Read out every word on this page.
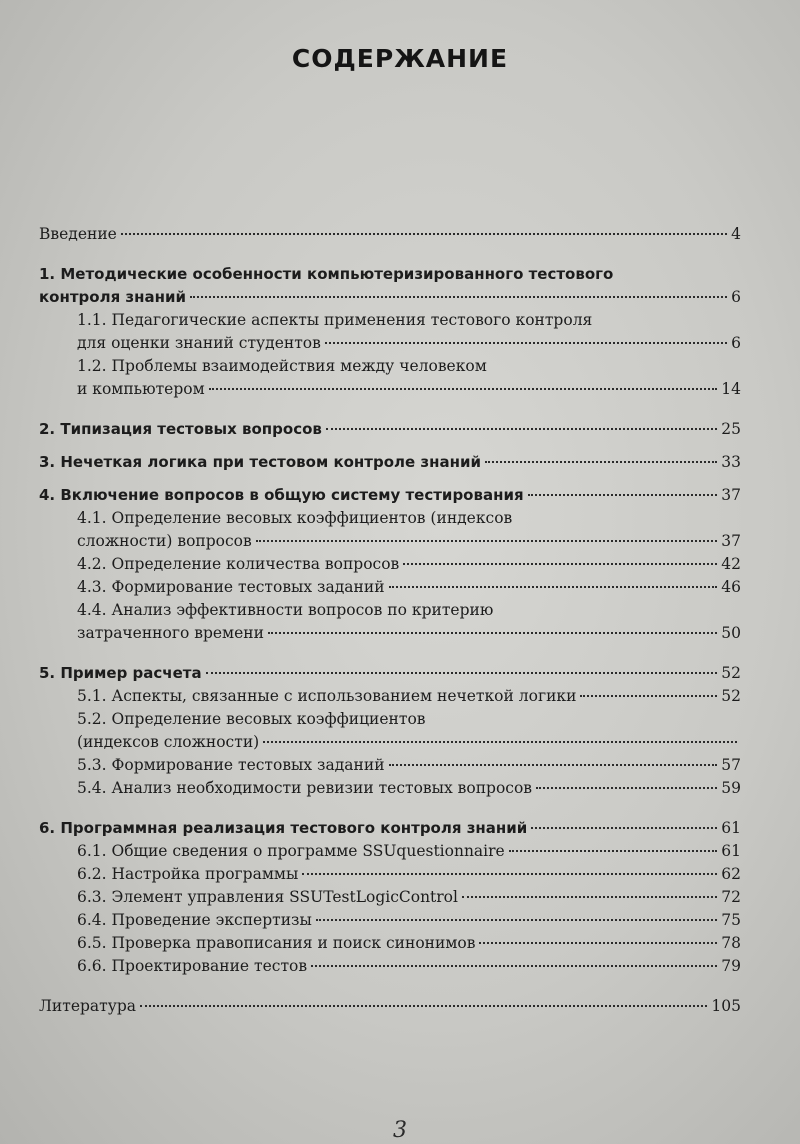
СОДЕРЖАНИЕ
Введение	4
1. Методические особенности компьютеризированного тестового
контроля знаний	6
1.1. Педагогические аспекты применения тестового контроля
для оценки знаний студентов	6
1.2. Проблемы взаимодействия между человеком
и компьютером	14
2. Типизация тестовых вопросов	25
3. Нечеткая логика при тестовом контроле знаний	33
4. Включение вопросов в общую систему тестирования	37
4.1. Определение весовых коэффициентов (индексов
сложности) вопросов	37
4.2. Определение количества вопросов	42
4.3. Формирование тестовых заданий	46
4.4. Анализ эффективности вопросов по критерию
затраченного времени	50
5. Пример расчета	52
5.1. Аспекты, связанные с использованием нечеткой логики	52
5.2. Определение весовых коэффициентов
(индексов сложности)
5.3. Формирование тестовых заданий	57
5.4. Анализ необходимости ревизии тестовых вопросов	59
6. Программная реализация тестового контроля знаний	61
6.1. Общие сведения о программе SSUquestionnaire	61
6.2. Настройка программы	62
6.3. Элемент управления SSUTestLogicControl	72
6.4. Проведение экспертизы	75
6.5. Проверка правописания и поиск синонимов	78
6.6. Проектирование тестов	79
Литература	105
3
